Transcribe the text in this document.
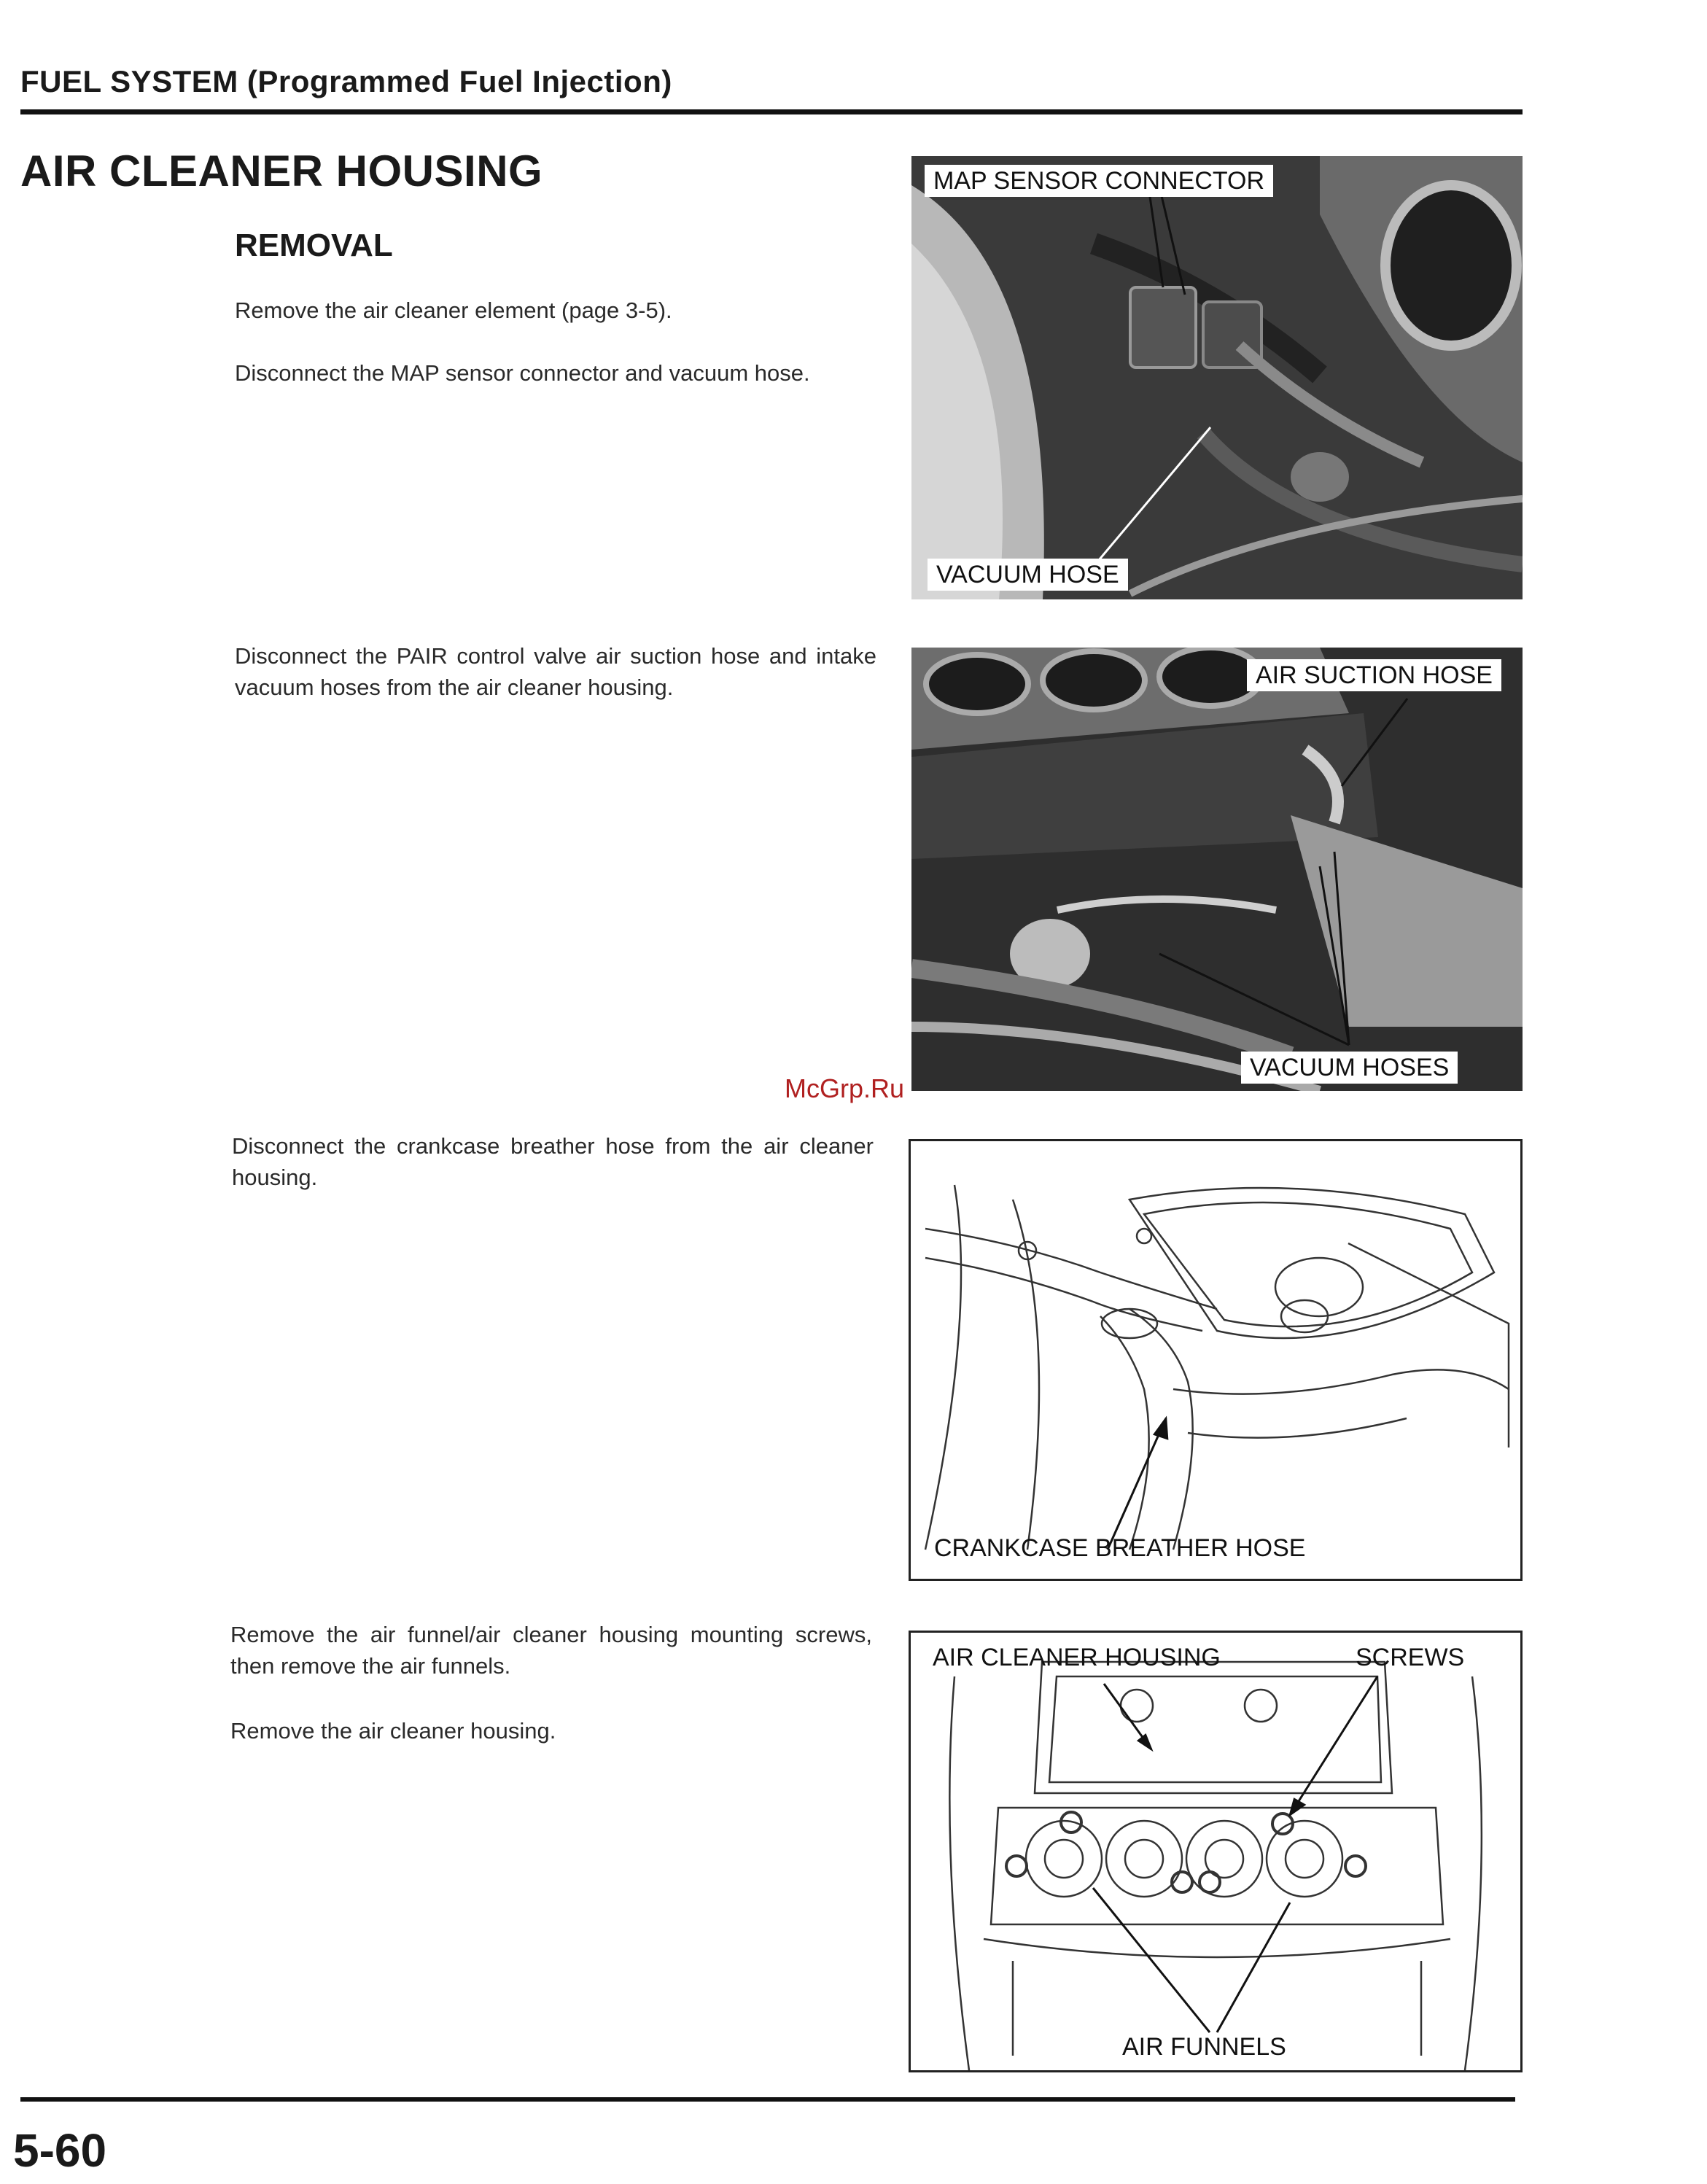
FUEL SYSTEM (Programmed Fuel Injection)
AIR CLEANER HOUSING
REMOVAL
Remove the air cleaner element (page 3-5).
Disconnect the MAP sensor connector and vacuum hose.
Disconnect the PAIR control valve air suction hose and intake vacuum hoses from the air cleaner housing.
Disconnect the crankcase breather hose from the air cleaner housing.
Remove the air funnel/air cleaner housing mounting screws, then remove the air funnels.
Remove the air cleaner housing.
MAP SENSOR CONNECTOR
VACUUM HOSE
AIR SUCTION HOSE
VACUUM HOSES
McGrp.Ru
CRANKCASE BREATHER HOSE
AIR CLEANER HOUSING	SCREWS
AIR FUNNELS
5-60
